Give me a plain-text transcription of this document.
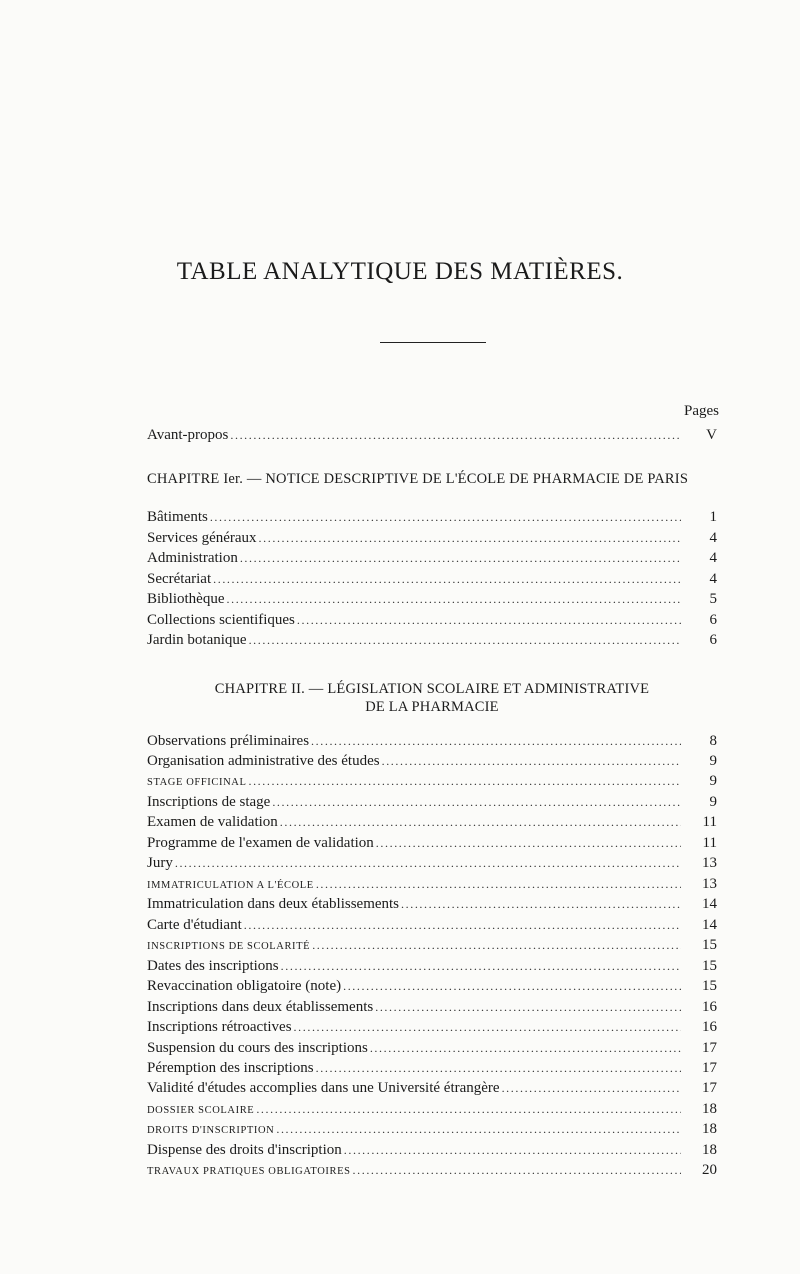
TABLE ANALYTIQUE DES MATIÈRES.
Pages
Avant-propos .....	V
CHAPITRE Ier. — NOTICE DESCRIPTIVE DE L'ÉCOLE DE PHARMACIE DE PARIS
Bâtiments .....	1
Services généraux .....	4
Administration .....	4
Secrétariat .....	4
Bibliothèque .....	5
Collections scientifiques .....	6
Jardin botanique .....	6
CHAPITRE II. — LÉGISLATION SCOLAIRE ET ADMINISTRATIVE
DE LA PHARMACIE
Observations préliminaires .....	8
Organisation administrative des études .....	9
STAGE OFFICINAL .....	9
Inscriptions de stage .....	9
Examen de validation .....	11
Programme de l'examen de validation .....	11
Jury .....	13
IMMATRICULATION A L'ÉCOLE .....	13
Immatriculation dans deux établissements .....	14
Carte d'étudiant .....	14
INSCRIPTIONS DE SCOLARITÉ .....	15
Dates des inscriptions .....	15
Revaccination obligatoire (note) .....	15
Inscriptions dans deux établissements .....	16
Inscriptions rétroactives .....	16
Suspension du cours des inscriptions .....	17
Péremption des inscriptions .....	17
Validité d'études accomplies dans une Université étrangère .....	17
DOSSIER SCOLAIRE .....	18
DROITS D'INSCRIPTION .....	18
Dispense des droits d'inscription .....	18
TRAVAUX PRATIQUES OBLIGATOIRES .....	20
